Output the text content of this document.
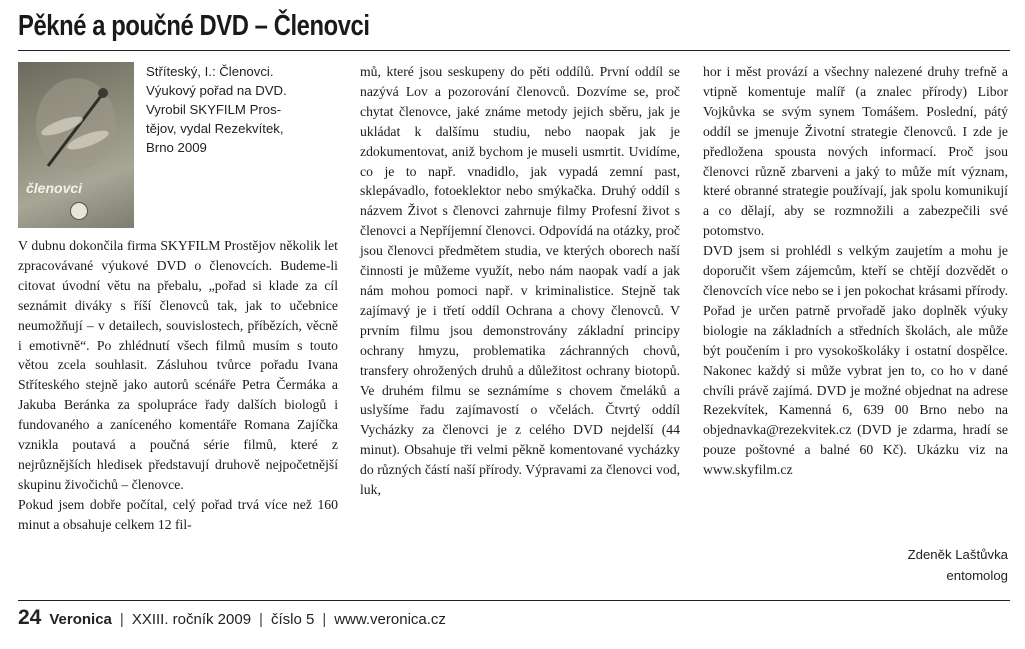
Pěkné a poučné DVD – Členovci
členovci

Stříteský, I.: Členovci.

Výukový pořad na DVD.

Vyrobil SKYFILM Pros-

tějov, vydal Rezekvítek,

Brno 2009

V dubnu dokončila firma SKYFILM Prostějov několik let zpracovávané výukové DVD o členovcích. Budeme-li citovat úvodní větu na přebalu, „pořad si klade za cíl seznámit diváky s říší členovců tak, jak to učebnice neumožňují – v detailech, souvislostech, příbězích, věcně i emotivně“. Po zhlédnutí všech filmů musím s touto větou zcela souhlasit. Zásluhou tvůrce pořadu Ivana Stříteského stejně jako autorů scénáře Petra Čermáka a Jakuba Beránka za spolupráce řady dalších biologů i fundovaného a zaníceného komentáře Romana Zajíčka vznikla poutavá a poučná série filmů, které z nejrůznějších hledisek představují druhově nejpočetnější skupinu živočichů – členovce.

Pokud jsem dobře počítal, celý pořad trvá více než 160 minut a obsahuje celkem 12 fil-

mů, které jsou seskupeny do pěti oddílů. První oddíl se nazývá Lov a pozorování členovců. Dozvíme se, proč chytat členovce, jaké známe metody jejich sběru, jak je ukládat k dalšímu studiu, nebo naopak jak je zdokumentovat, aniž bychom je museli usmrtit. Uvidíme, co je to např. vnadidlo, jak vypadá zemní past, sklepávadlo, fotoeklektor nebo smýkačka. Druhý oddíl s názvem Život s členovci zahrnuje filmy Profesní život s členovci a Nepříjemní členovci. Odpovídá na otázky, proč jsou členovci předmětem studia, ve kterých oborech naší činnosti je můžeme využít, nebo nám naopak vadí a jak nám mohou pomoci např. v kriminalistice. Stejně tak zajímavý je i třetí oddíl Ochrana a chovy členovců. V prvním filmu jsou demonstrovány základní principy ochrany hmyzu, problematika záchranných chovů, transfery ohrožených druhů a důležitost ochrany biotopů. Ve druhém filmu se seznámíme s chovem čmeláků a uslyšíme řadu zajímavostí o včelách. Čtvrtý oddíl Vycházky za členovci je z celého DVD nejdelší (44 minut). Obsahuje tři velmi pěkně komentované vycházky do různých částí naší přírody. Výpravami za členovci vod, luk,

hor i měst provází a všechny nalezené druhy trefně a vtipně komentuje malíř (a znalec přírody) Libor Vojkůvka se svým synem Tomášem. Poslední, pátý oddíl se jmenuje Životní strategie členovců. I zde je předložena spousta nových informací. Proč jsou členovci různě zbarveni a jaký to může mít význam, které obranné strategie používají, jak spolu komunikují a co dělají, aby se rozmnožili a zabezpečili své potomstvo.

DVD jsem si prohlédl s velkým zaujetím a mohu je doporučit všem zájemcům, kteří se chtějí dozvědět o členovcích více nebo se i jen pokochat krásami přírody. Pořad je určen patrně prvořadě jako doplněk výuky biologie na základních a středních školách, ale může být poučením i pro vysokoškoláky i ostatní dospělce. Nakonec každý si může vybrat jen to, co ho v dané chvíli právě zajímá. DVD je možné objednat na adrese Rezekvítek, Kamenná 6, 639 00 Brno nebo na objednavka@rezekvitek.cz (DVD je zdarma, hradí se pouze poštovné a balné 60 Kč). Ukázku viz na www.skyfilm.cz

Zdeněk Laštůvka
entomolog
24 Veronica | XXIII. ročník 2009 | číslo 5 | www.veronica.cz
